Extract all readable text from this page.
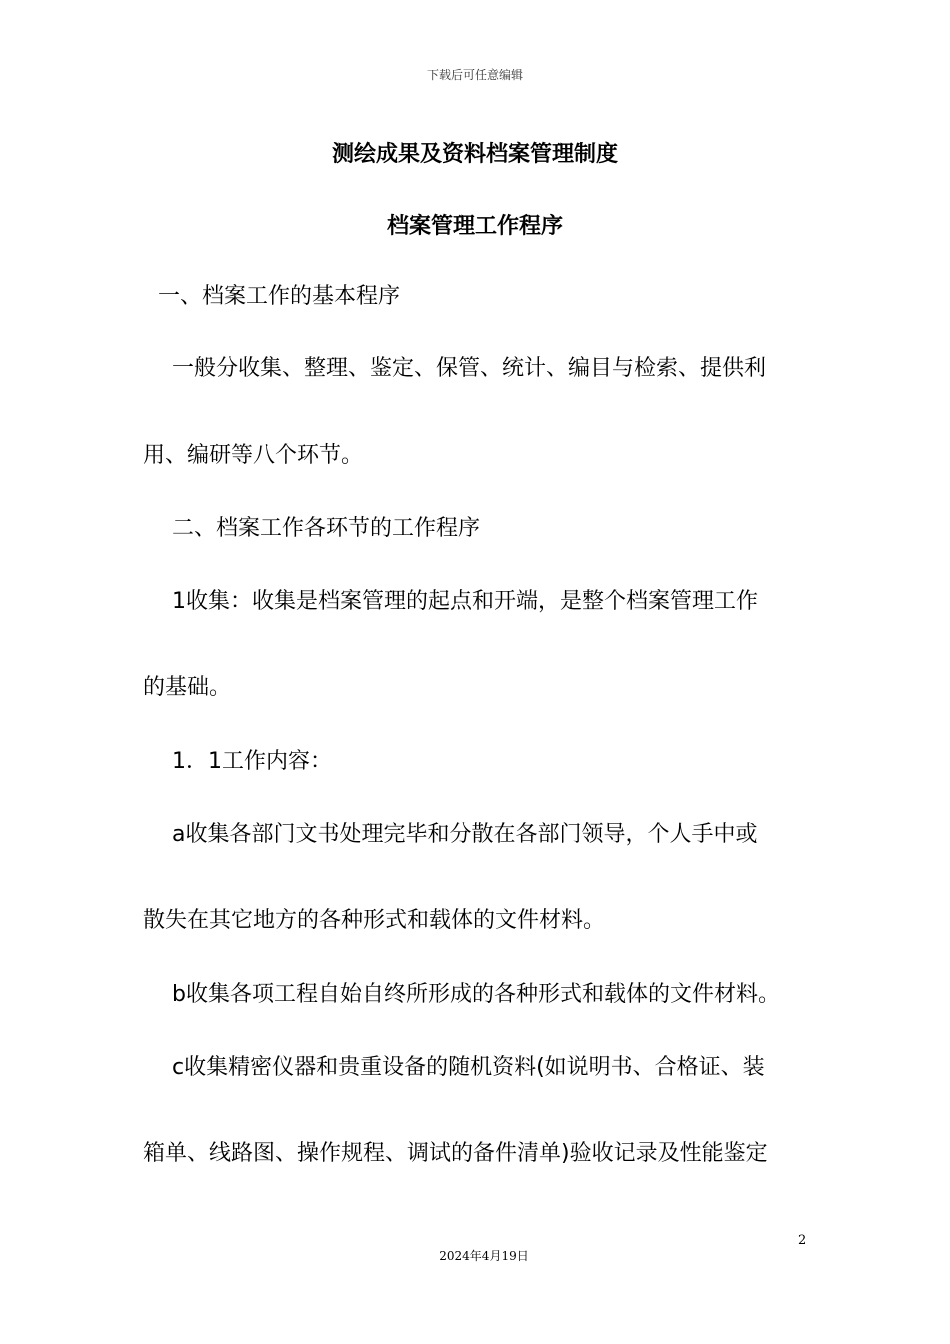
下载后可任意编辑
测绘成果及资料档案管理制度
档案管理工作程序
一、档案工作的基本程序
一般分收集、整理、鉴定、保管、统计、编目与检索、提供利
用、编研等八个环节。
二、档案工作各环节的工作程序
1收集：收集是档案管理的起点和开端，是整个档案管理工作
的基础。
1．1工作内容：
a收集各部门文书处理完毕和分散在各部门领导，个人手中或
散失在其它地方的各种形式和载体的文件材料。
b收集各项工程自始自终所形成的各种形式和载体的文件材料。
c收集精密仪器和贵重设备的随机资料(如说明书、合格证、装
箱单、线路图、操作规程、调试的备件清单)验收记录及性能鉴定
2
2024年4月19日
